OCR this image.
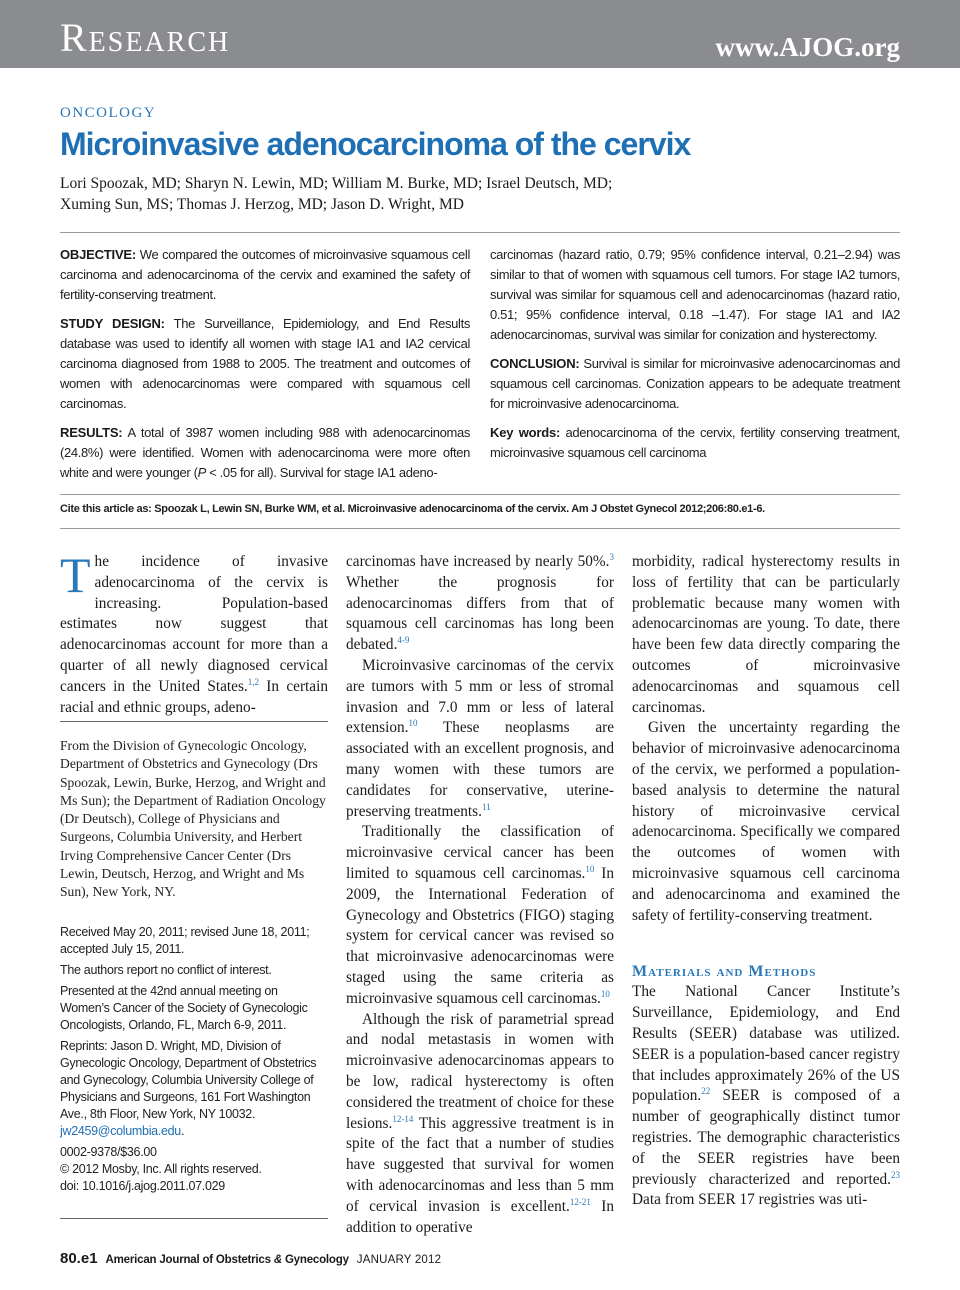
Research	www.AJOG.org
oncology
Microinvasive adenocarcinoma of the cervix
Lori Spoozak, MD; Sharyn N. Lewin, MD; William M. Burke, MD; Israel Deutsch, MD;
Xuming Sun, MS; Thomas J. Herzog, MD; Jason D. Wright, MD

OBJECTIVE: We compared the outcomes of microinvasive squamous cell carcinoma and adenocarcinoma of the cervix and examined the safety of fertility-conserving treatment.

STUDY DESIGN: The Surveillance, Epidemiology, and End Results database was used to identify all women with stage IA1 and IA2 cervical carcinoma diagnosed from 1988 to 2005. The treatment and outcomes of women with adenocarcinomas were compared with squamous cell carcinomas.

RESULTS: A total of 3987 women including 988 with adenocarcinomas (24.8%) were identified. Women with adenocarcinoma were more often white and were younger (P < .05 for all). Survival for stage IA1 adeno-

carcinomas (hazard ratio, 0.79; 95% confidence interval, 0.21–2.94) was similar to that of women with squamous cell tumors. For stage IA2 tumors, survival was similar for squamous cell and adenocarcinomas (hazard ratio, 0.51; 95% confidence interval, 0.18 –1.47). For stage IA1 and IA2 adenocarcinomas, survival was similar for conization and hysterectomy.

CONCLUSION: Survival is similar for microinvasive adenocarcinomas and squamous cell carcinomas. Conization appears to be adequate treatment for microinvasive adenocarcinoma.

Key words: adenocarcinoma of the cervix, fertility conserving treatment, microinvasive squamous cell carcinoma

Cite this article as: Spoozak L, Lewin SN, Burke WM, et al. Microinvasive adenocarcinoma of the cervix. Am J Obstet Gynecol 2012;206:80.e1-6.

The incidence of invasive adenocarcinoma of the cervix is increasing. Population-based estimates now suggest that adenocarcinomas account for more than a quarter of all newly diagnosed cervical cancers in the United States.$^{1,2}$ In certain racial and ethnic groups, adeno-

From the Division of Gynecologic Oncology, Department of Obstetrics and Gynecology (Drs Spoozak, Lewin, Burke, Herzog, and Wright and Ms Sun); the Department of Radiation Oncology (Dr Deutsch), College of Physicians and Surgeons, Columbia University, and Herbert Irving Comprehensive Cancer Center (Drs Lewin, Deutsch, Herzog, and Wright and Ms Sun), New York, NY.

Received May 20, 2011; revised June 18, 2011; accepted July 15, 2011.

The authors report no conflict of interest.

Presented at the 42nd annual meeting on Women’s Cancer of the Society of Gynecologic Oncologists, Orlando, FL, March 6-9, 2011.

Reprints: Jason D. Wright, MD, Division of Gynecologic Oncology, Department of Obstetrics and Gynecology, Columbia University College of Physicians and Surgeons, 161 Fort Washington Ave., 8th Floor, New York, NY 10032. jw2459@columbia.edu.

0002-9378/$36.00
© 2012 Mosby, Inc. All rights reserved.
doi: 10.1016/j.ajog.2011.07.029

carcinomas have increased by nearly 50%.$^3$ Whether the prognosis for adenocarcinomas differs from that of squamous cell carcinomas has long been debated.$^{4-9}$

Microinvasive carcinomas of the cervix are tumors with 5 mm or less of stromal invasion and 7.0 mm or less of lateral extension.$^{10}$ These neoplasms are associated with an excellent prognosis, and many women with these tumors are candidates for conservative, uterine-preserving treatments.$^{11}$

Traditionally the classification of microinvasive cervical cancer has been limited to squamous cell carcinomas.$^{10}$ In 2009, the International Federation of Gynecology and Obstetrics (FIGO) staging system for cervical cancer was revised so that microinvasive adenocarcinomas were staged using the same criteria as microinvasive squamous cell carcinomas.$^{10}$

Although the risk of parametrial spread and nodal metastasis in women with microinvasive adenocarcinomas appears to be low, radical hysterectomy is often considered the treatment of choice for these lesions.$^{12-14}$ This aggressive treatment is in spite of the fact that a number of studies have suggested that survival for women with adenocarcinomas and less than 5 mm of cervical invasion is excellent.$^{12-21}$ In addition to operative

morbidity, radical hysterectomy results in loss of fertility that can be particularly problematic because many women with adenocarcinomas are young. To date, there have been few data directly comparing the outcomes of microinvasive adenocarcinomas and squamous cell carcinomas.

Given the uncertainty regarding the behavior of microinvasive adenocarcinoma of the cervix, we performed a population-based analysis to determine the natural history of microinvasive cervical adenocarcinoma. Specifically we compared the outcomes of women with microinvasive squamous cell carcinoma and adenocarcinoma and examined the safety of fertility-conserving treatment.

Materials and Methods

The National Cancer Institute’s Surveillance, Epidemiology, and End Results (SEER) database was utilized. SEER is a population-based cancer registry that includes approximately 26% of the US population.$^{22}$ SEER is composed of a number of geographically distinct tumor registries. The demographic characteristics of the SEER registries have been previously characterized and reported.$^{23}$ Data from SEER 17 registries was uti-

80.e1 American Journal of Obstetrics & Gynecology JANUARY 2012
